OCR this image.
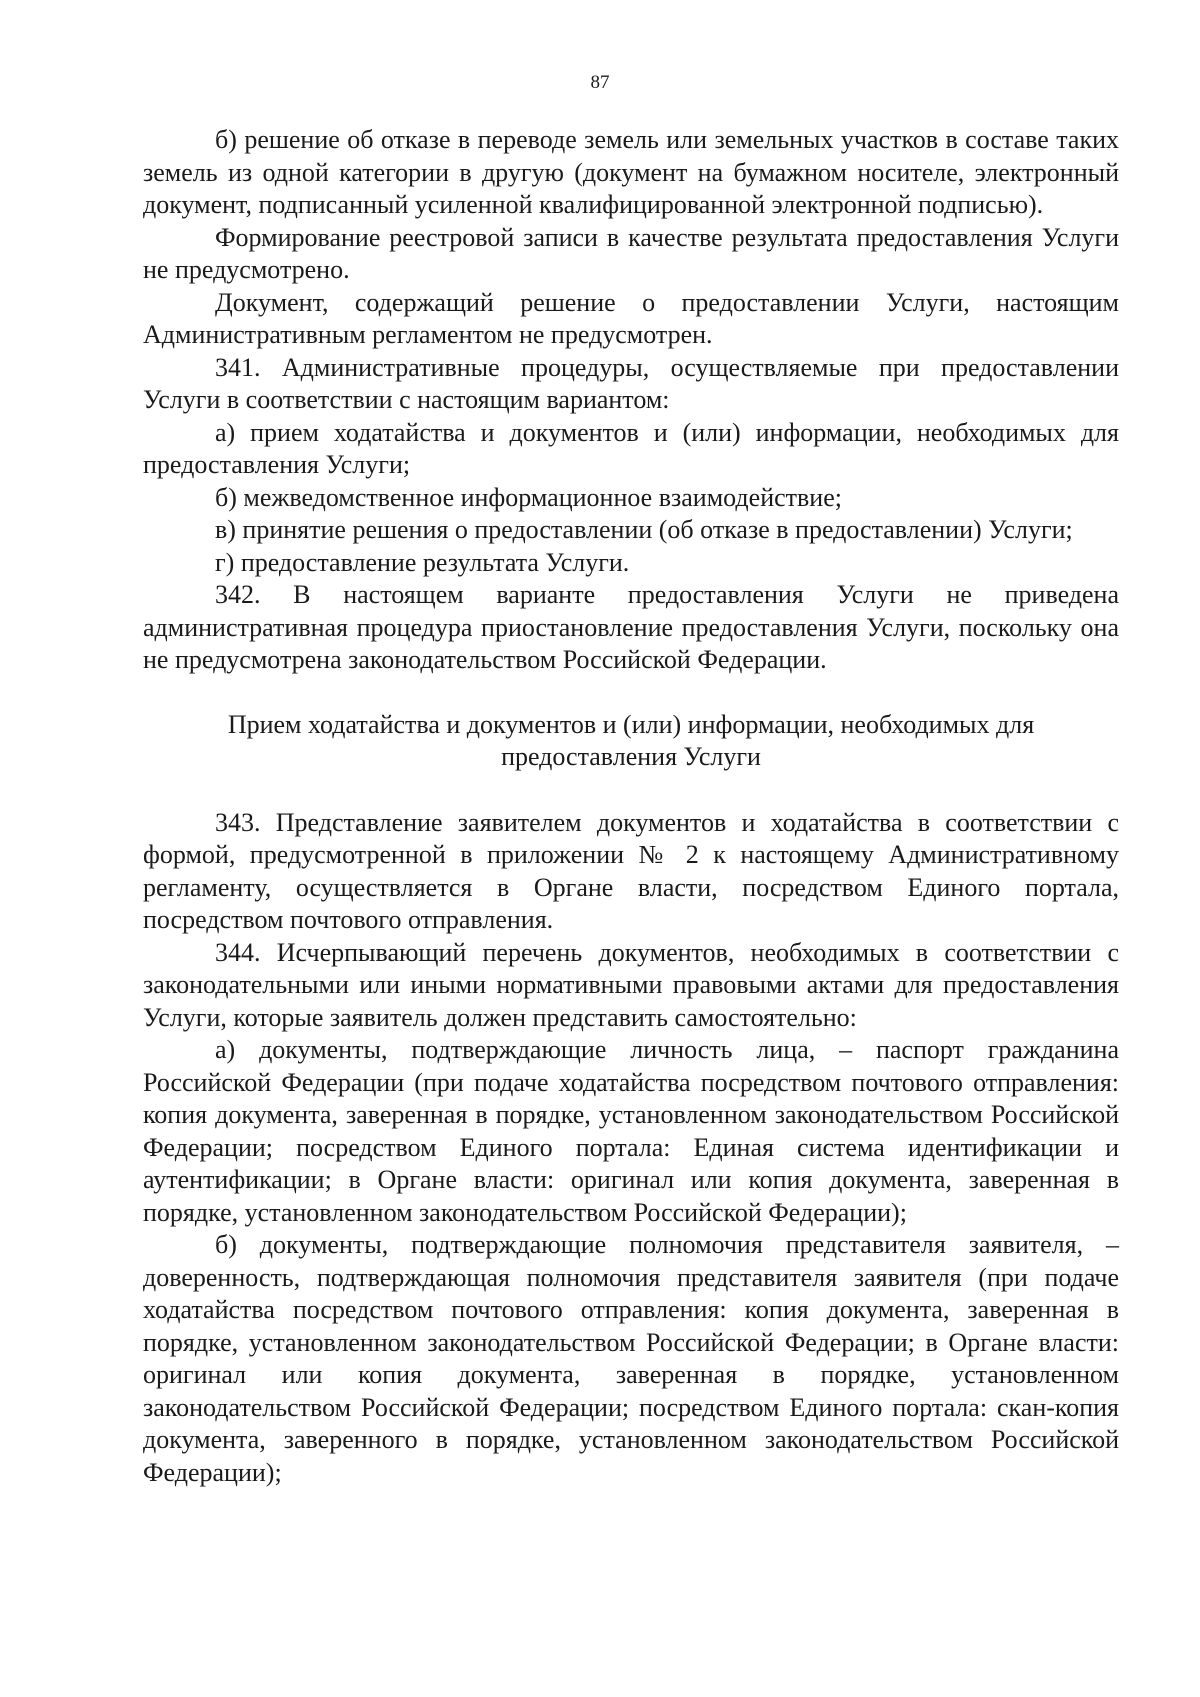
87

б) решение об отказе в переводе земель или земельных участков в составе таких земель из одной категории в другую (документ на бумажном носителе, электронный документ, подписанный усиленной квалифицированной электронной подписью).

Формирование реестровой записи в качестве результата предоставления Услуги не предусмотрено.

Документ, содержащий решение о предоставлении Услуги, настоящим Административным регламентом не предусмотрен.

341. Административные процедуры, осуществляемые при предоставлении Услуги в соответствии с настоящим вариантом:

а) прием ходатайства и документов и (или) информации, необходимых для предоставления Услуги;

б) межведомственное информационное взаимодействие;

в) принятие решения о предоставлении (об отказе в предоставлении) Услуги;

г) предоставление результата Услуги.

342. В настоящем варианте предоставления Услуги не приведена административная процедура приостановление предоставления Услуги, поскольку она не предусмотрена законодательством Российской Федерации.

Прием ходатайства и документов и (или) информации, необходимых для предоставления Услуги

343. Представление заявителем документов и ходатайства в соответствии с формой, предусмотренной в приложении № 2 к настоящему Административному регламенту, осуществляется в Органе власти, посредством Единого портала, посредством почтового отправления.

344. Исчерпывающий перечень документов, необходимых в соответствии с законодательными или иными нормативными правовыми актами для предоставления Услуги, которые заявитель должен представить самостоятельно:

а) документы, подтверждающие личность лица, – паспорт гражданина Российской Федерации (при подаче ходатайства посредством почтового отправления: копия документа, заверенная в порядке, установленном законодательством Российской Федерации; посредством Единого портала: Единая система идентификации и аутентификации; в Органе власти: оригинал или копия документа, заверенная в порядке, установленном законодательством Российской Федерации);

б) документы, подтверждающие полномочия представителя заявителя, – доверенность, подтверждающая полномочия представителя заявителя (при подаче ходатайства посредством почтового отправления: копия документа, заверенная в порядке, установленном законодательством Российской Федерации; в Органе власти: оригинал или копия документа, заверенная в порядке, установленном законодательством Российской Федерации; посредством Единого портала: скан-копия документа, заверенного в порядке, установленном законодательством Российской Федерации);
